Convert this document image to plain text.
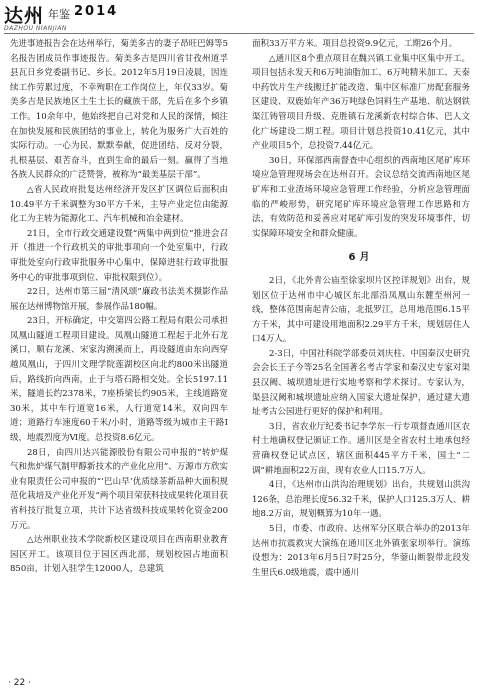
达州 年鉴 2014
DAZHOU NIANJIAN

先进事迹报告会在达州举行，菊美多吉的妻子昂旺巴姆等5名报告团成员作事迹报告。菊美多吉是四川省甘孜州道孚县瓦日乡党委副书记、乡长。2012年5月19日凌晨，因连续工作劳累过度，不幸殉职在工作岗位上，年仅33岁。菊美多吉是民族地区土生土长的藏族干部，先后在多个乡镇工作。10余年中，他始终把自己对党和人民的深情，倾注在加快发展和民族团结的事业上，转化为服务广大百姓的实际行动。一心为民、默默奉献，促进团结、反对分裂，扎根基层、艰苦奋斗，直到生命的最后一刻。赢得了当地各族人民群众的广泛赞誉，被称为“最美基层干部”。

△省人民政府批复达州经济开发区扩区调位后面积由10.49平方千米调整为30平方千米，主导产业定位由能源化工为主转为能源化工、汽车机械和冶金建材。

21日，全市行政交通建设暨“两集中两到位”推进会召开（推进一个行政机关的审批事项向一个处室集中，行政审批处室向行政审批服务中心集中，保障进驻行政审批服务中心的审批事项到位、审批权限到位）。

22日，达州市第三届“清风颂”廉政书法美术摄影作品展在达州博物馆开展，参展作品180幅。

23日，开标确定，中交第四公路工程局有限公司承担凤凰山隧道工程项目建设。凤凰山隧道工程起于北外石龙溪口，顺右龙溪、宋家沟溯溪而上，再设隧道由东向西穿越凤凰山，于四川文理学院莲湖校区向北约800米出隧道后，路线折向西南，止于与塔石路相交处。全长5197.11米，隧道长约2378米，7座桥梁长约905米，主线道路宽30米，其中车行道宽16米，人行道宽14米，双向四车道；道路行车速度60千米/小时，道路等级为城市主干路Ⅰ级，地震烈度为Ⅵ度。总投资8.6亿元。

28日，由四川达兴能源股份有限公司申报的“转炉煤气和焦炉煤气制甲醇新技术的产业化应用”、万源市方欣实业有限责任公司申报的“‘巴山早’优质绿茶新品种大面积规范化栽培及产业化开发”两个项目荣获科技成果转化项目获省科技厅批复立项，共计下达省级科技成果转化资金200万元。

△达州职业技术学院新校区建设项目在西南职业教育园区开工。该项目位于园区西北部，规划校园占地面积850亩，计划入驻学生12000人，总建筑

面积33万平方米。项目总投资9.9亿元，工期26个月。

△通川区8个重点项目在魏兴镇工业集中区集中开工。项目包括永发天和6万吨油脂加工、6万吨精米加工、天泰中药饮片生产线搬迁扩能改造、集中区标准厂房配套服务区建设、双鹿始年产36万吨绿色饲料生产基地、航达钢铁渠江铸管项目升级、克胜镇石龙溪新农村综合体、巴人文化广场建设二期工程。项目计划总投资10.41亿元，其中产业项目5个，总投资7.44亿元。

30日，环保部西南督查中心组织的西南地区尾矿库环境应急管理现场会在达州召开。会议总结交流西南地区尾矿库和工业渣场环境应急管理工作经验，分析应急管理面临的严峻形势，研究尾矿库环境应急管理工作思路和方法，有效防范和妥善应对尾矿库引发的突发环境事件，切实保障环境安全和群众健康。

6月

2日，《北外青公庙至徐家坝片区控详规划》出台，规划区位于达州市中心城区东北部沿凤凰山东麓至州河一线，整体范围南起青公庙，北抵罗江，总用地范围6.15平方千米，其中可建设用地面积2.29平方千米，规划居住人口4万人。

2-3日，中国社科院学部委员刘庆柱、中国秦汉史研究会会长王子今等25名全国著名考古学家和秦汉史专家对渠县汉阙、城坝遗址进行实地考察和学术探讨。专家认为，渠县汉阙和城坝遗址应纳入国家大遗址保护，通过建大遗址考古公园进行更好的保护和利用。

3日，省农业厅纪委书记李学东一行专项督查通川区农村土地确权登记颁证工作。通川区是全省农村土地承包经营确权登记试点区，辖区面积445平方千米，国土“二调”耕地面积22万亩，现有农业人口15.7万人。

4日，《达州市山洪沟治理规划》出台，共规划山洪沟126条，总治理长度56.32千米，保护人口125.3万人、耕地8.2万亩，规划概算为10年一遇。

5日，市委、市政府、达州军分区联合举办的2013年达州市抗震救灾大演练在通川区北外镇张家坝举行。演练设想为：2013年6月5日7时25分，华蓥山断裂带北段发生里氏6.0级地震，震中通川

· 22 ·
